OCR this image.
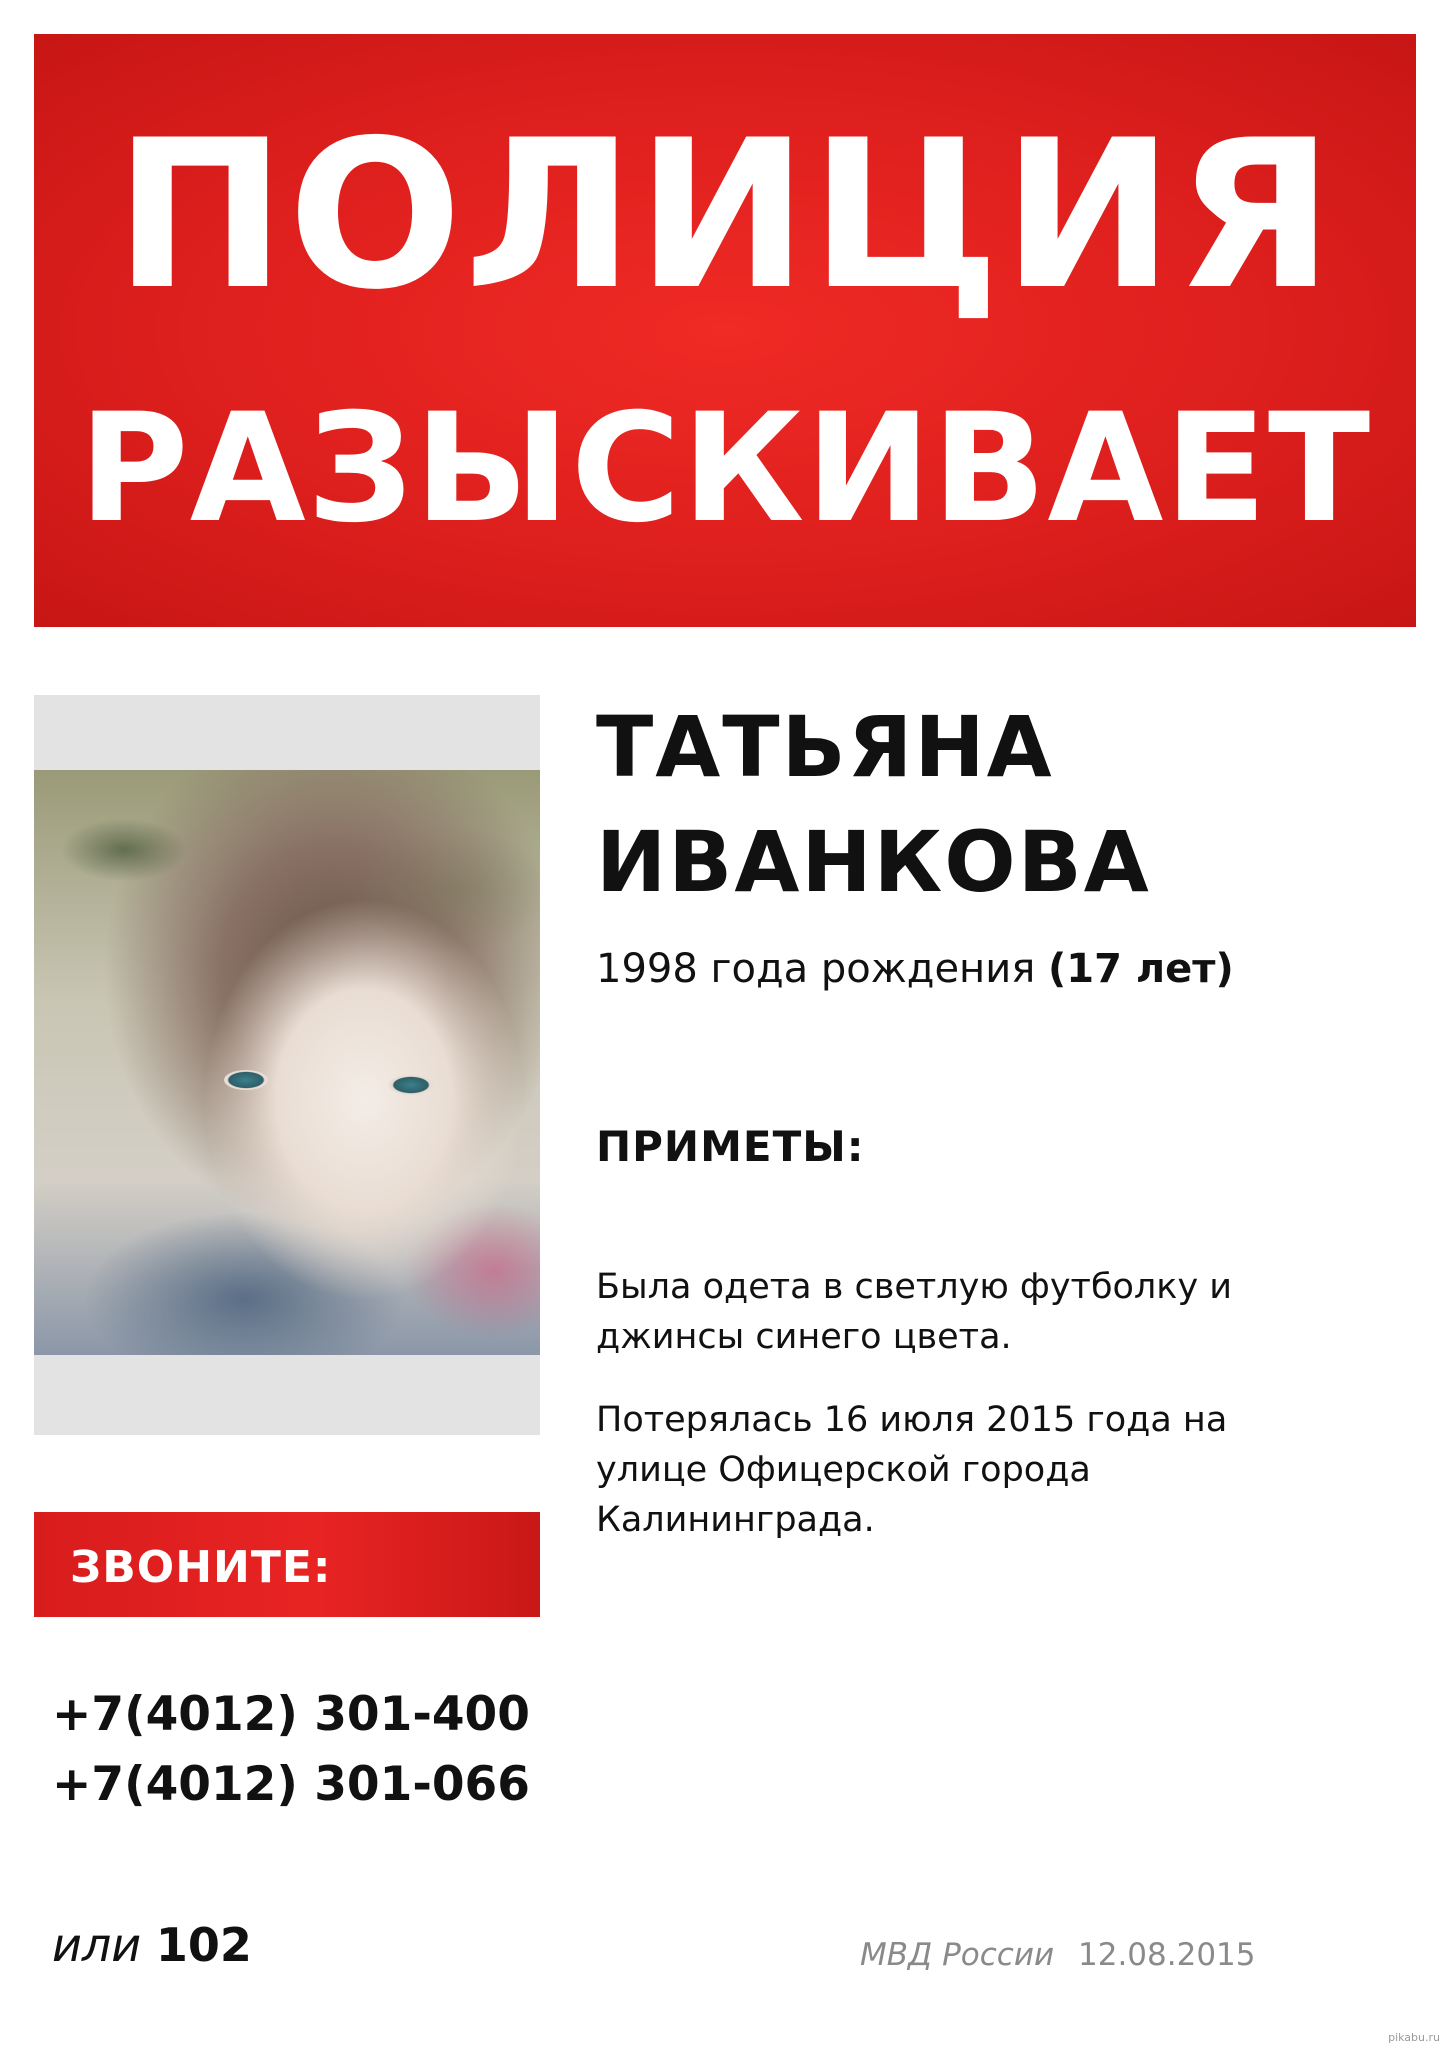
ПОЛИЦИЯ
РАЗЫСКИВАЕТ
ТАТЬЯНА
ИВАНКОВА
1998 года рождения (17 лет)
ПРИМЕТЫ:
Была одета в светлую футболку и
джинсы синего цвета.
Потерялась 16 июля 2015 года на
улице Офицерской города
Калининграда.
ЗВОНИТЕ:
+7(4012) 301-400
+7(4012) 301-066
или 102	МВД России 12.08.2015
pikabu.ru
